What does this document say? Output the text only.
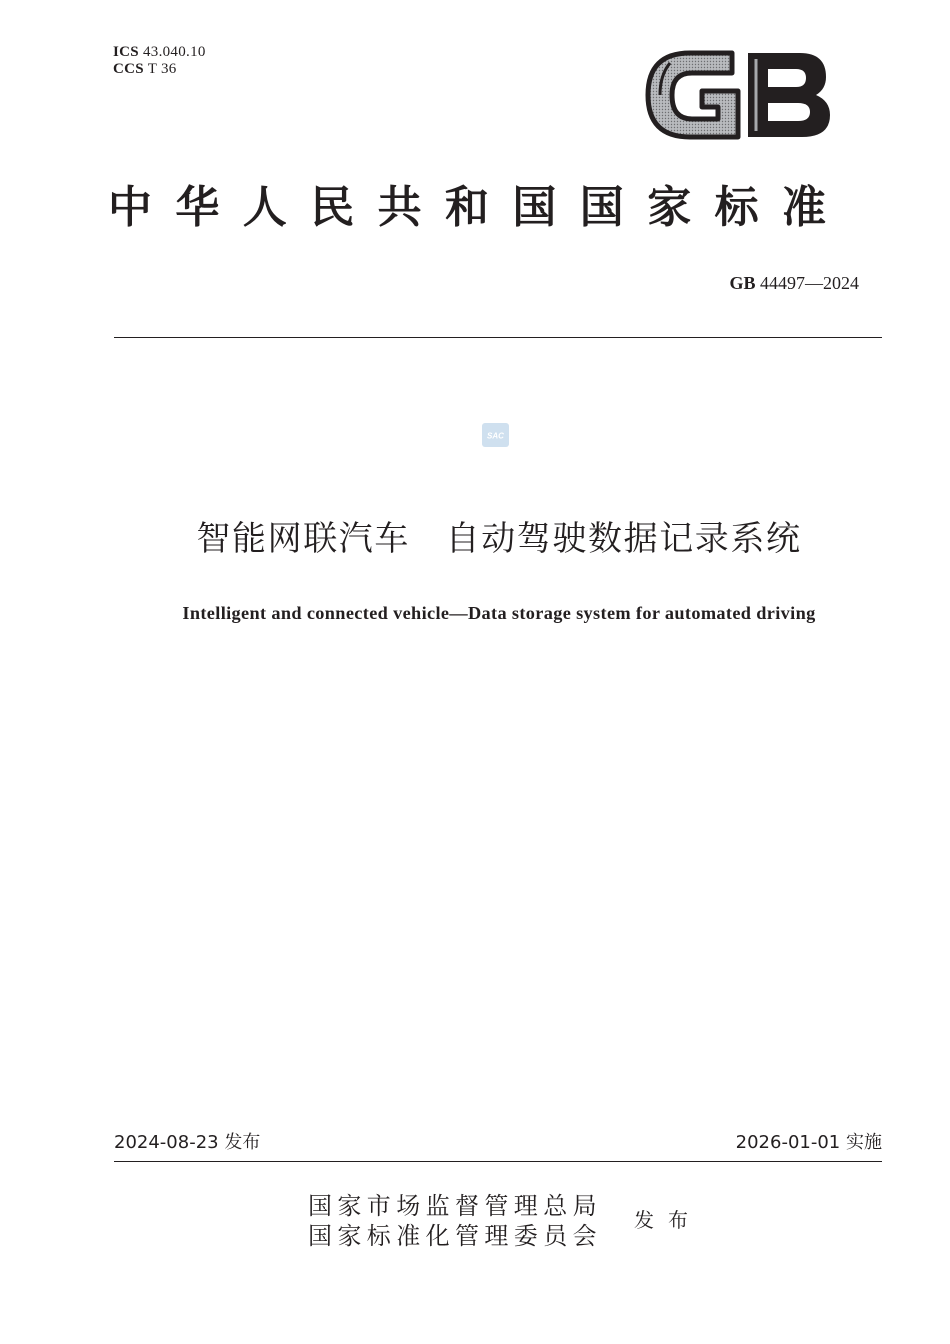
ICS 43.040.10
CCS T 36
中华人民共和国国家标准
GB 44497—2024
SAC
智能网联汽车　自动驾驶数据记录系统
Intelligent and connected vehicle—Data storage system for automated driving
2024-08-23 发布	2026-01-01 实施
国家市场监督管理总局
国家标准化管理委员会
发布
